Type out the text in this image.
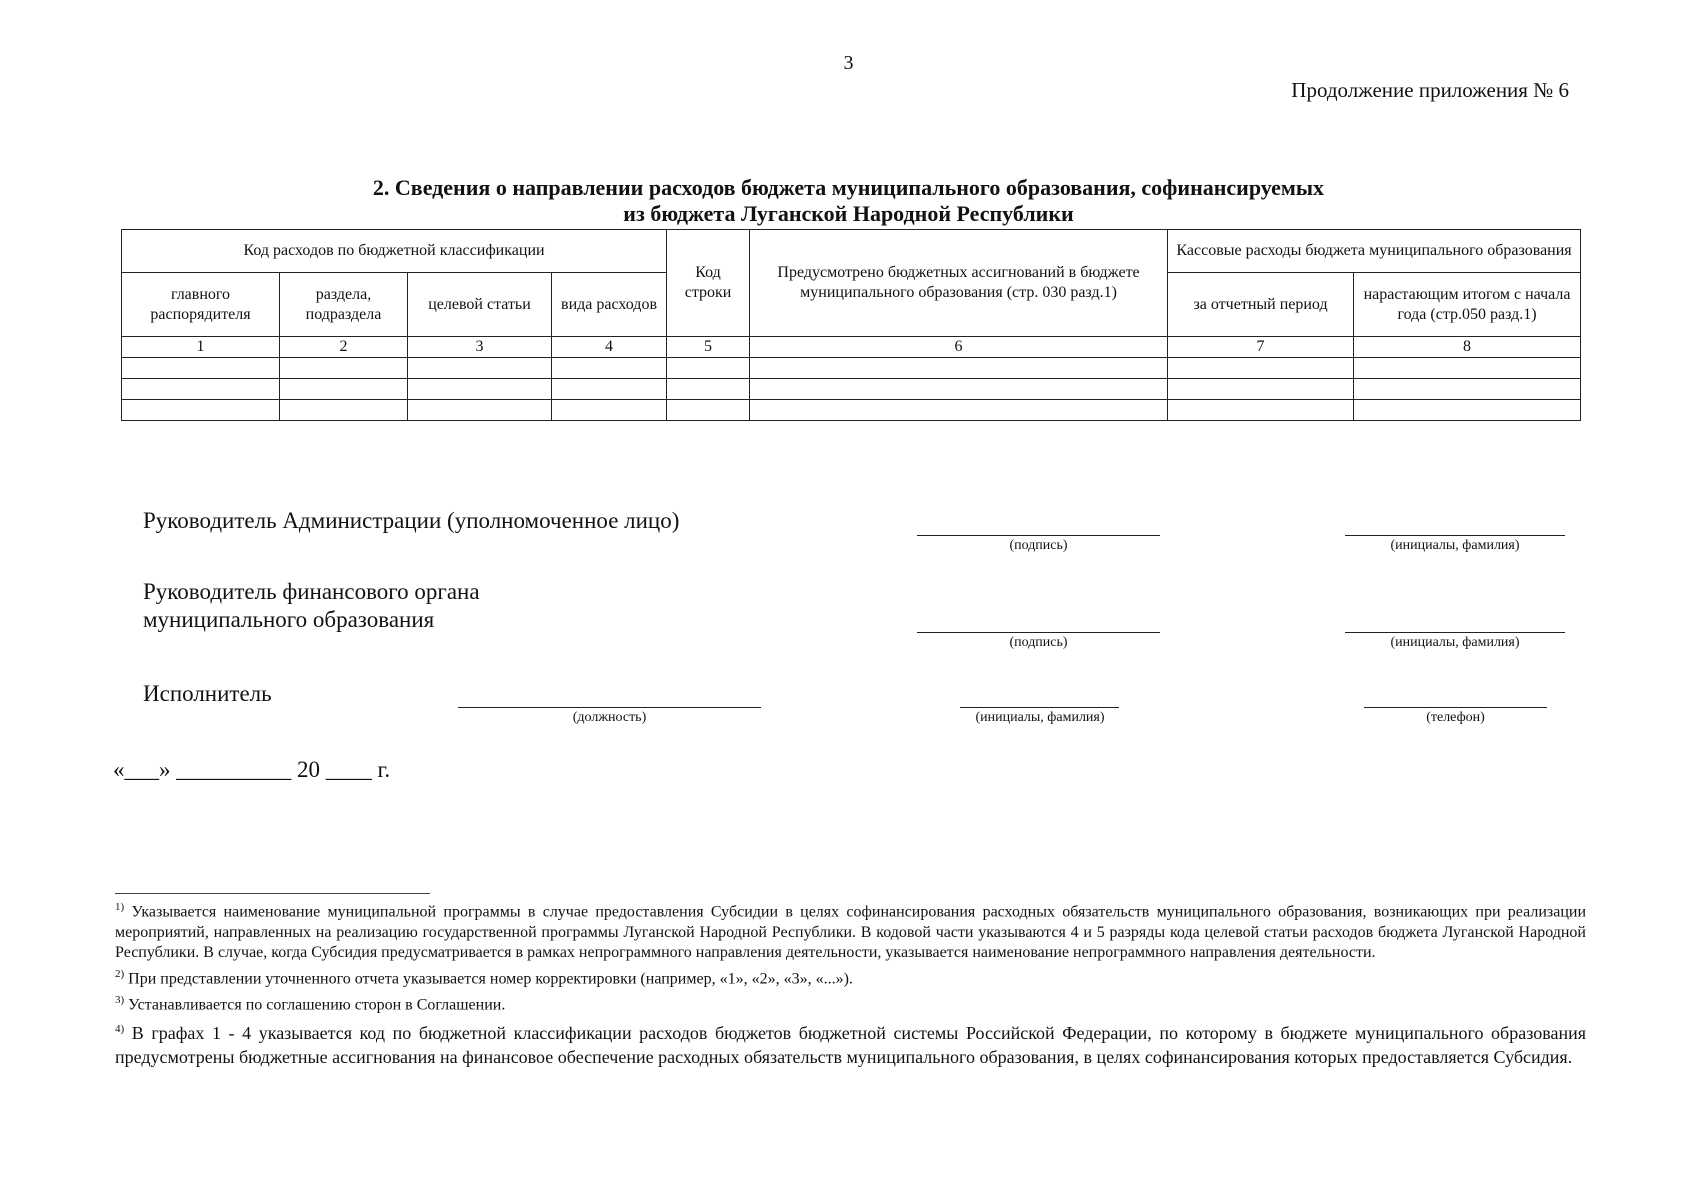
3
Продолжение приложения № 6
2. Сведения о направлении расходов бюджета муниципального образования, софинансируемых
из бюджета Луганской Народной Республики
Код расходов по бюджетной классификации				Код строки	Предусмотрено бюджетных ассигнований в бюджете муниципального образования (стр. 030 разд.1)	Кассовые расходы бюджета муниципального образования	
главного распорядителя	раздела, подраздела	целевой статьи	вида расходов			за отчетный период	нарастающим итогом с начала года (стр.050 разд.1)
1	2	3	4	5	6	7	8

Руководитель Администрации (уполномоченное лицо)
(подпись)	(инициалы, фамилия)
Руководитель финансового органа
муниципального образования
(подпись)	(инициалы, фамилия)
Исполнитель
(должность)	(инициалы, фамилия)	(телефон)
«___» __________ 20 ____ г.

$^{1)}$ Указывается наименование муниципальной программы в случае предоставления Субсидии в целях софинансирования расходных обязательств муниципального образования, возникающих при реализации мероприятий, направленных на реализацию государственной программы Луганской Народной Республики. В кодовой части указываются 4 и 5 разряды кода целевой статьи расходов бюджета Луганской Народной Республики. В случае, когда Субсидия предусматривается в рамках непрограммного направления деятельности, указывается наименование непрограммного направления деятельности.

$^{2)}$ При представлении уточненного отчета указывается номер корректировки (например, «1», «2», «3», «...»).

$^{3)}$ Устанавливается по соглашению сторон в Соглашении.

$^{4)}$ В графах 1 - 4 указывается код по бюджетной классификации расходов бюджетов бюджетной системы Российской Федерации, по которому в бюджете муниципального образования предусмотрены бюджетные ассигнования на финансовое обеспечение расходных обязательств муниципального образования, в целях софинансирования которых предоставляется Субсидия.
